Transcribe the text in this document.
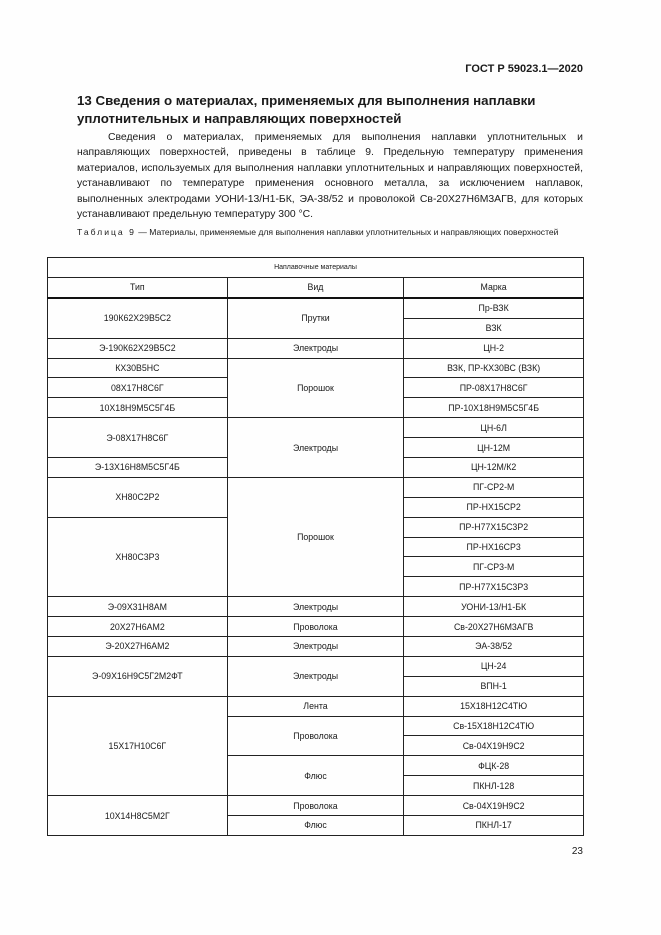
ГОСТ Р 59023.1—2020
13 Сведения о материалах, применяемых для выполнения наплавки уплотнительных и направляющих поверхностей
Сведения о материалах, применяемых для выполнения наплавки уплотнительных и направляющих поверхностей, приведены в таблице 9. Предельную температуру применения материалов, используемых для выполнения наплавки уплотнительных и направляющих поверхностей, устанавливают по температуре применения основного металла, за исключением наплавок, выполненных электродами УОНИ-13/Н1-БК, ЭА-38/52 и проволокой Св-20Х27Н6М3АГВ, для которых устанавливают предельную температуру 300 °С.
Таблица 9 — Материалы, применяемые для выполнения наплавки уплотнительных и направляющих поверхностей
Наплавочные материалы		
Тип	Вид	Марка
190К62Х29В5С2	Прутки	Пр-ВЗК
		ВЗК
Э-190К62Х29В5С2	Электроды	ЦН-2
КХ30В5НС	Порошок	ВЗК, ПР-КХ30ВС (ВЗК)
08Х17Н8С6Г		ПР-08Х17Н8С6Г
10Х18Н9М5С5Г4Б		ПР-10Х18Н9М5С5Г4Б
Э-08Х17Н8С6Г	Электроды	ЦН-6Л
		ЦН-12М
Э-13Х16Н8М5С5Г4Б		ЦН-12М/К2
ХН80С2Р2	Порошок	ПГ-СР2-М
		ПР-НХ15СР2
ХН80С3Р3		ПР-Н77Х15С3Р2
		ПР-НХ16СР3
		ПГ-СР3-М
		ПР-Н77Х15С3Р3
Э-09Х31Н8АМ	Электроды	УОНИ-13/Н1-БК
20Х27Н6АМ2	Проволока	Св-20Х27Н6М3АГВ
Э-20Х27Н6АМ2	Электроды	ЭА-38/52
Э-09Х16Н9С5Г2М2ФТ	Электроды	ЦН-24
		ВПН-1
15Х17Н10С6Г	Лента	15Х18Н12С4ТЮ
	Проволока	Св-15Х18Н12С4ТЮ
		Св-04Х19Н9С2
	Флюс	ФЦК-28
		ПКНЛ-128
10Х14Н8С5М2Г	Проволока	Св-04Х19Н9С2
	Флюс	ПКНЛ-17
23
